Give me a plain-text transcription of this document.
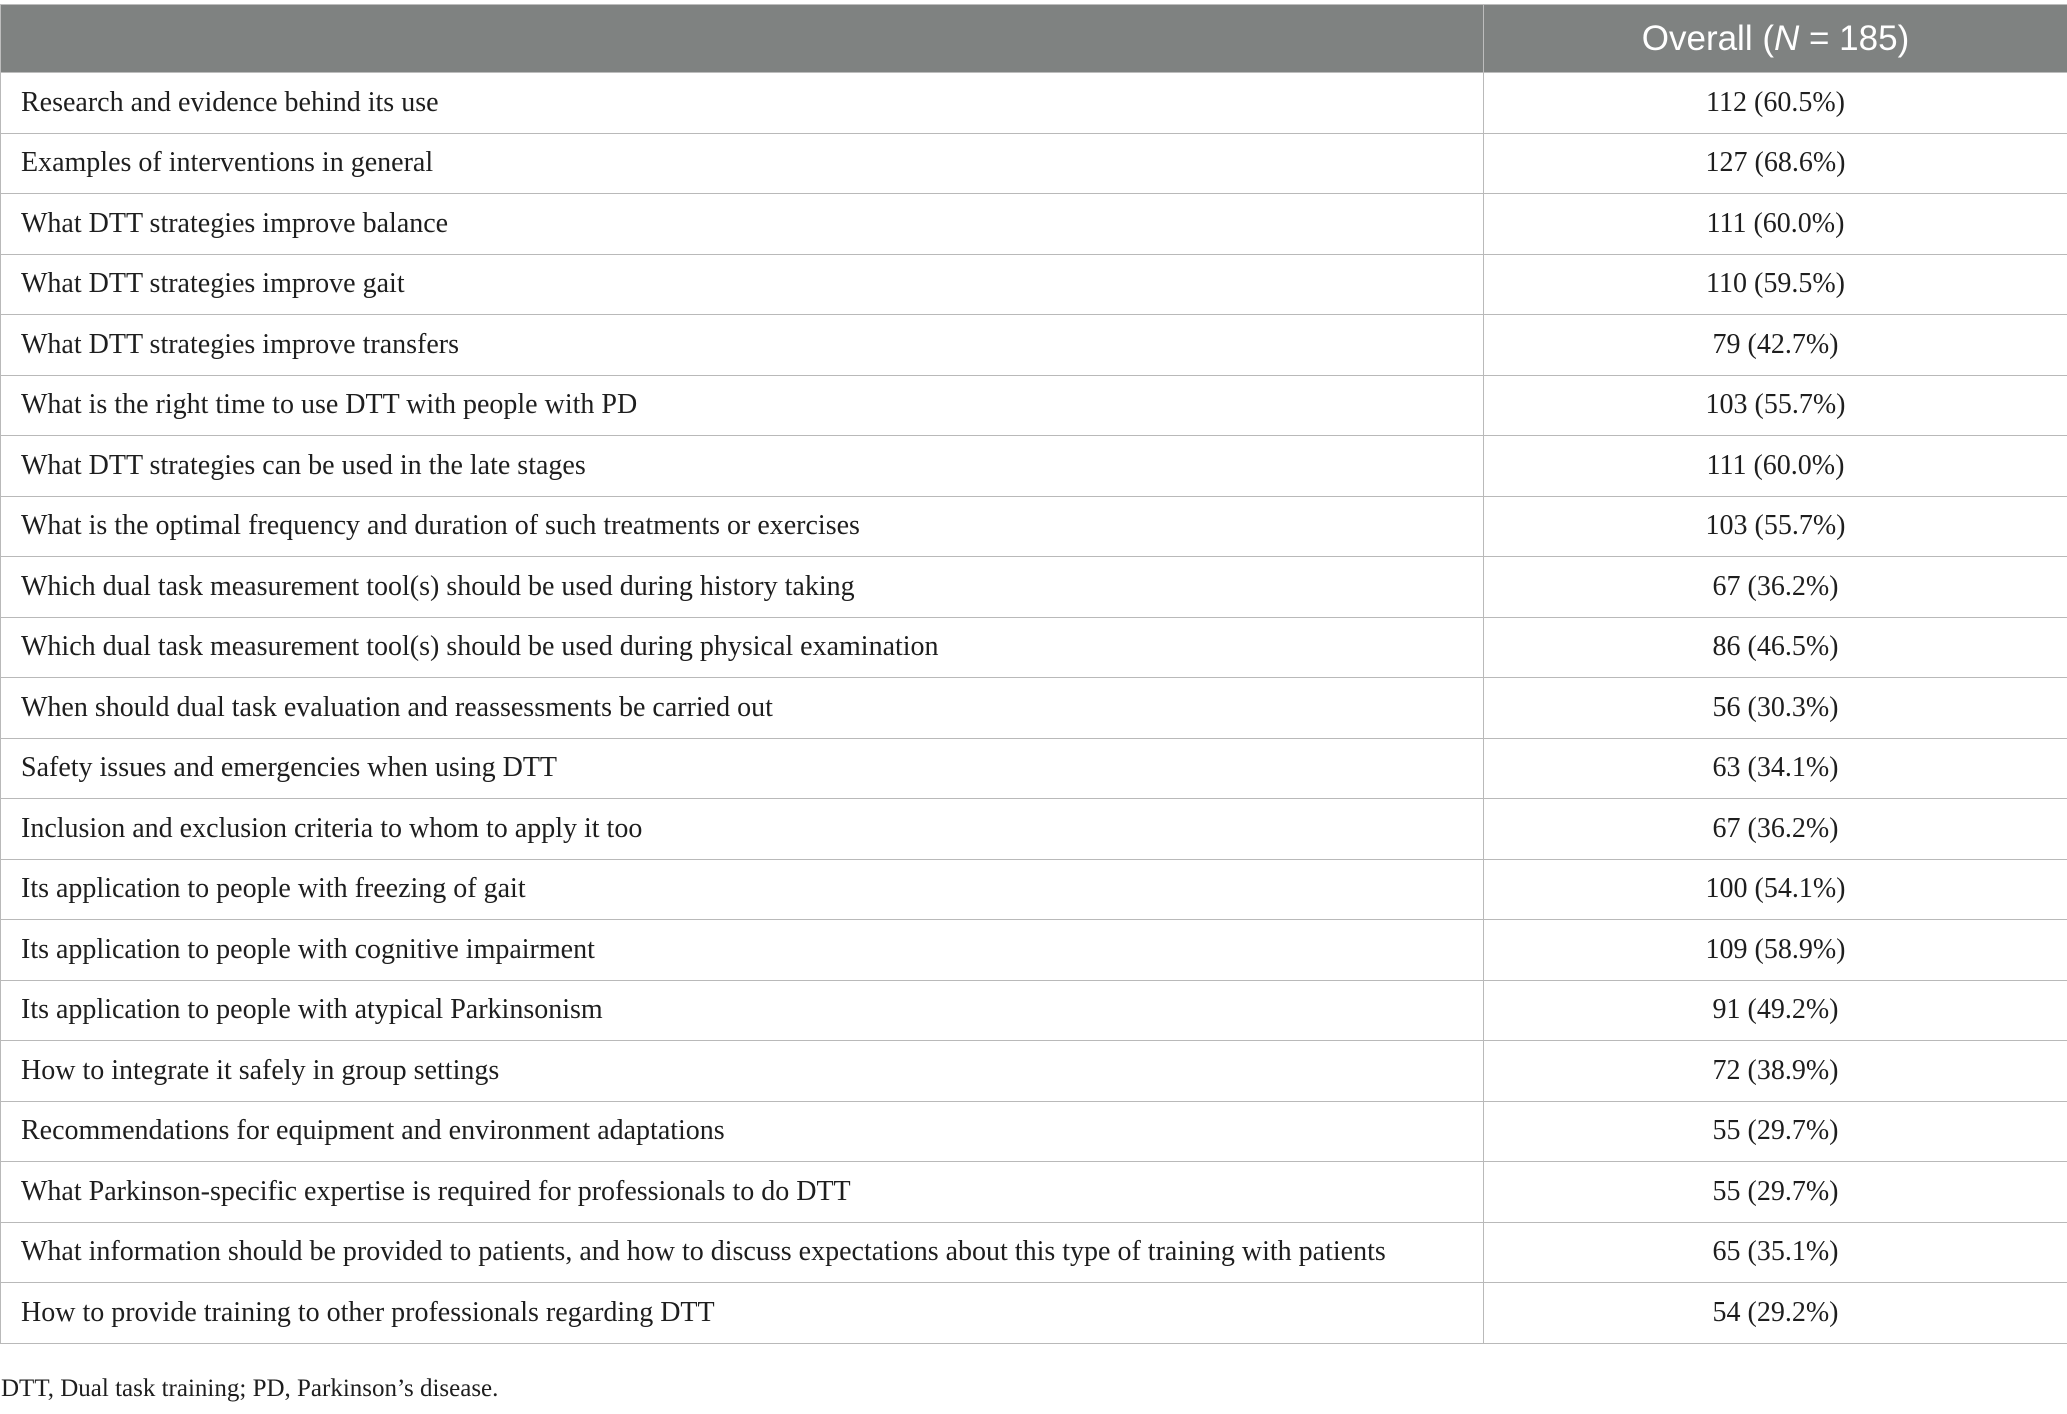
	Overall (N = 185)
Research and evidence behind its use	112 (60.5%)
Examples of interventions in general	127 (68.6%)
What DTT strategies improve balance	111 (60.0%)
What DTT strategies improve gait	110 (59.5%)
What DTT strategies improve transfers	79 (42.7%)
What is the right time to use DTT with people with PD	103 (55.7%)
What DTT strategies can be used in the late stages	111 (60.0%)
What is the optimal frequency and duration of such treatments or exercises	103 (55.7%)
Which dual task measurement tool(s) should be used during history taking	67 (36.2%)
Which dual task measurement tool(s) should be used during physical examination	86 (46.5%)
When should dual task evaluation and reassessments be carried out	56 (30.3%)
Safety issues and emergencies when using DTT	63 (34.1%)
Inclusion and exclusion criteria to whom to apply it too	67 (36.2%)
Its application to people with freezing of gait	100 (54.1%)
Its application to people with cognitive impairment	109 (58.9%)
Its application to people with atypical Parkinsonism	91 (49.2%)
How to integrate it safely in group settings	72 (38.9%)
Recommendations for equipment and environment adaptations	55 (29.7%)
What Parkinson-specific expertise is required for professionals to do DTT	55 (29.7%)
What information should be provided to patients, and how to discuss expectations about this type of training with patients	65 (35.1%)
How to provide training to other professionals regarding DTT	54 (29.2%)
DTT, Dual task training; PD, Parkinson’s disease.
